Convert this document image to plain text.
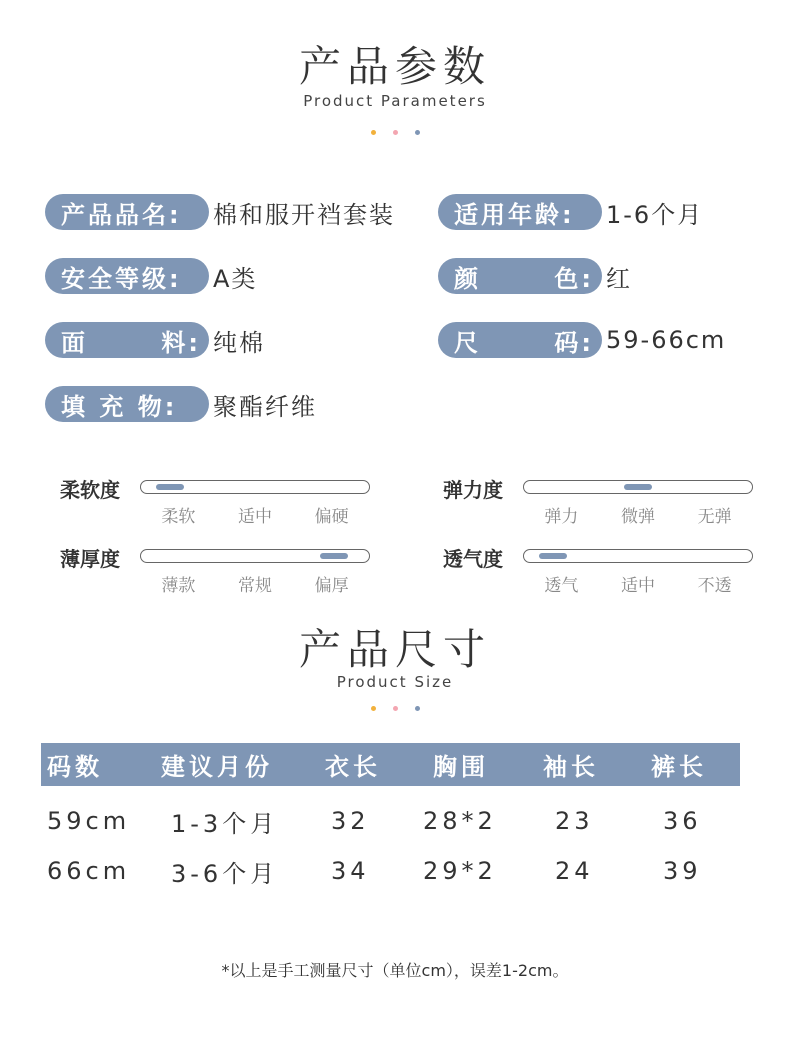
产品参数
Product Parameters
产品品名: 棉和服开裆套装 适用年龄: 1-6个月
安全等级: A类	颜	色: 红
面	料: 纯棉	尺	码: 59-66cm
填 充 物: 聚酯纤维
柔软度
柔软	适中	偏硬
弹力度
弹力	微弹	无弹
薄厚度
薄款	常规	偏厚
透气度
透气	适中	不透
产品尺寸
Product Size
码数	建议月份	衣长	胸围	袖长	裤长
59cm	1-3个月	32	28*2	23	36
66cm	3-6个月	34	29*2	24	39
*以上是手工测量尺寸（单位cm），误差1-2cm。
